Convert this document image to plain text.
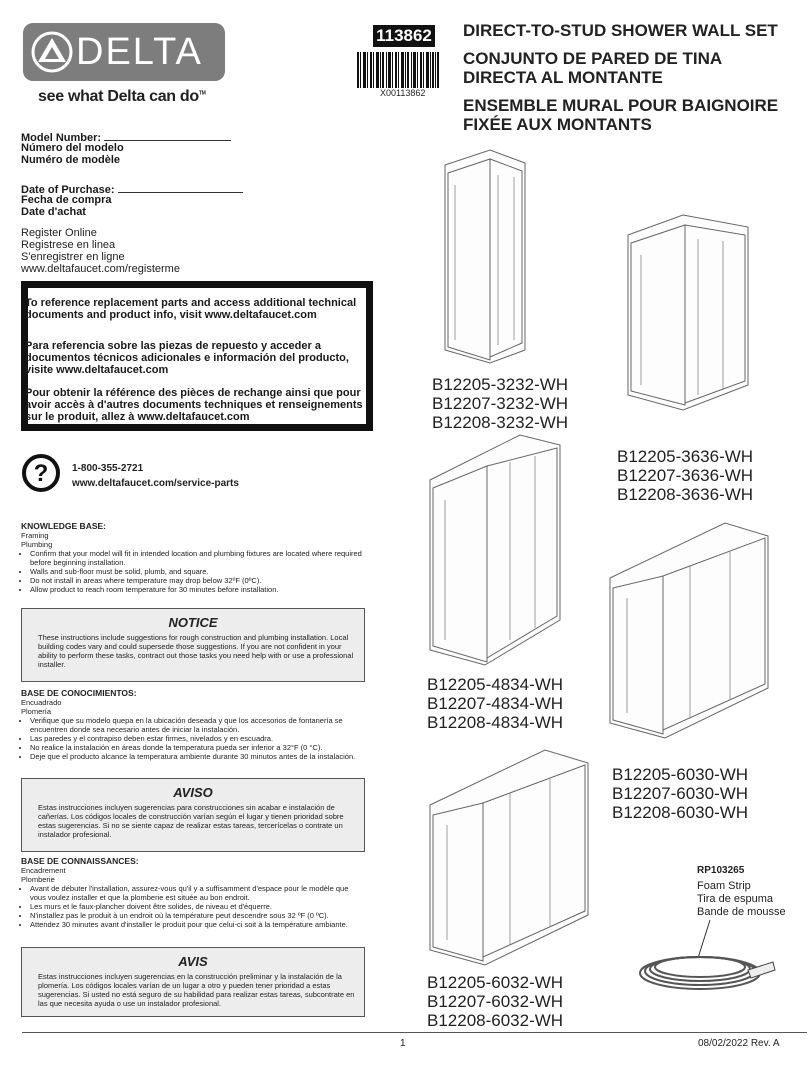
DELTA
see what Delta can do™
113862
X00113862
DIRECT-TO-STUD SHOWER WALL SET
CONJUNTO DE PARED DE TINA
DIRECTA AL MONTANTE
ENSEMBLE MURAL POUR BAIGNOIRE
FIXÉE AUX MONTANTS
Model Number:
Número del modelo
Numéro de modèle
Date of Purchase:
Fecha de compra
Date d'achat
Register Online
Registrese en linea
S'enregistrer en ligne
www.deltafaucet.com/registerme
To reference replacement parts and access additional technical documents and product info, visit www.deltafaucet.com
Para referencia sobre las piezas de repuesto y acceder a documentos técnicos adicionales e información del producto, visite www.deltafaucet.com
Pour obtenir la référence des pièces de rechange ainsi que pour avoir accès à d'autres documents techniques et renseignements sur le produit, allez à www.deltafaucet.com
? 1-800-355-2721
www.deltafaucet.com/service-parts
KNOWLEDGE BASE:
Framing
Plumbing
• Confirm that your model will fit in intended location and plumbing fixtures are located where required before beginning installation.
• Walls and sub-floor must be solid, plumb, and square.
• Do not install in areas where temperature may drop below 32ºF (0ºC).
• Allow product to reach room temperature for 30 minutes before installation.
NOTICE
These instructions include suggestions for rough construction and plumbing installation. Local building codes vary and could supersede those suggestions. If you are not confident in your ability to perform these tasks, contract out those tasks you need help with or use a professional installer.
BASE DE CONOCIMIENTOS:
Encuadrado
Plomería
• Verifique que su modelo quepa en la ubicación deseada y que los accesorios de fontanería se encuentren donde sea necesario antes de iniciar la instalación.
• Las paredes y el contrapiso deben estar firmes, nivelados y en escuadra.
• No realice la instalación en áreas donde la temperatura pueda ser inferior a 32°F (0 °C).
• Deje que el producto alcance la temperatura ambiente durante 30 minutos antes de la instalación.
AVISO
Estas instrucciones incluyen sugerencias para construcciones sin acabar e instalación de cañerías. Los códigos locales de construcción varían según el lugar y tienen prioridad sobre estas sugerencias. Si no se siente capaz de realizar estas tareas, tercerícelas o contrate un instalador profesional.
BASE DE CONNAISSANCES:
Encadrement
Plomberie
• Avant de débuter l'installation, assurez-vous qu'il y a suffisamment d'espace pour le modèle que vous voulez installer et que la plomberie est située au bon endroit.
• Les murs et le faux-plancher doivent être solides, de niveau et d'équerre.
• N'installez pas le produit à un endroit où la température peut descendre sous 32 ºF (0 ºC).
• Attendez 30 minutes avant d'installer le produit pour que celui-ci soit à la température ambiante.
AVIS
Estas instrucciones incluyen sugerencias en la construcción preliminar y la instalación de la plomería. Los códigos locales varían de un lugar a otro y pueden tener prioridad a estas sugerencias. Si usted no está seguro de su habilidad para realizar estas tareas, subcontrate en las que necesita ayuda o use un instalador profesional.
B12205-3232-WH
B12207-3232-WH
B12208-3232-WH
B12205-3636-WH
B12207-3636-WH
B12208-3636-WH
B12205-4834-WH
B12207-4834-WH
B12208-4834-WH
B12205-6030-WH
B12207-6030-WH
B12208-6030-WH
B12205-6032-WH
B12207-6032-WH
B12208-6032-WH
RP103265
Foam Strip
Tira de espuma
Bande de mousse
1	08/02/2022 Rev. A
